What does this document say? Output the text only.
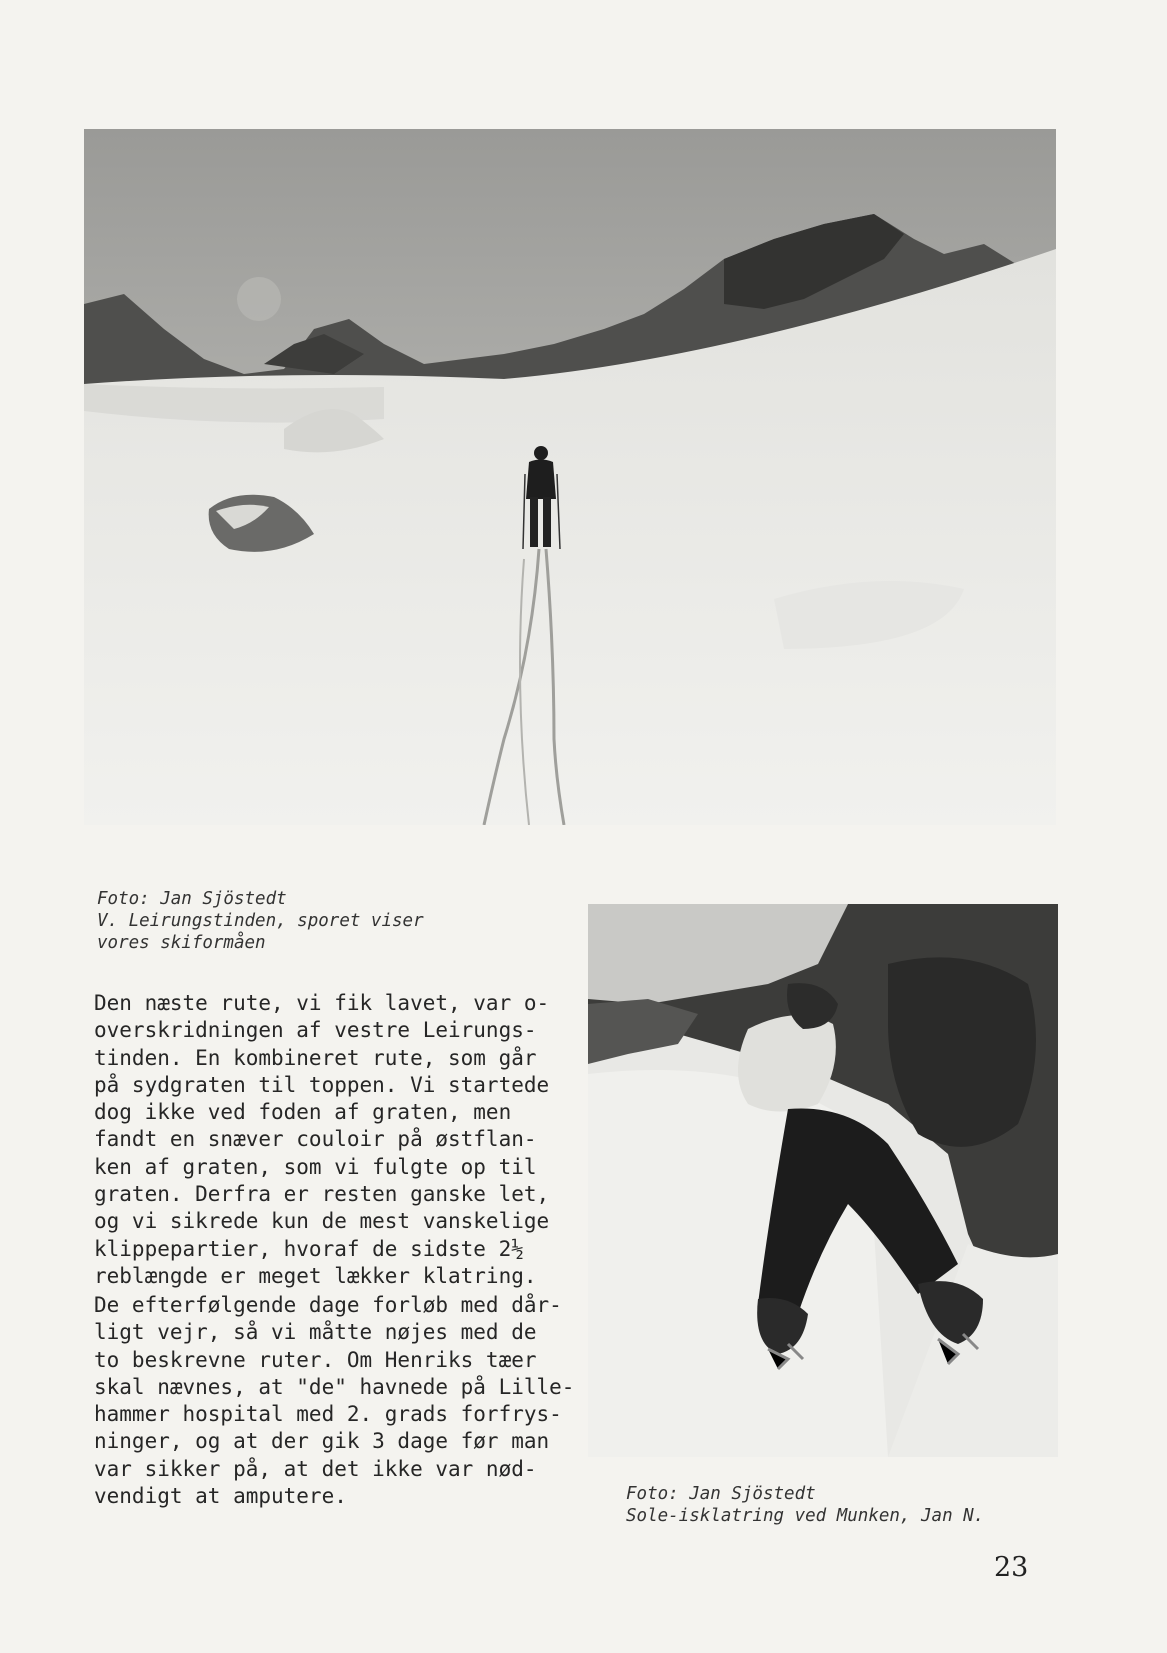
Foto: Jan Sjöstedt
V. Leirungstinden, sporet viser
vores skiformåen
Den næste rute, vi fik lavet, var o-
overskridningen af vestre Leirungs-
tinden. En kombineret rute, som går
på sydgraten til toppen. Vi startede
dog ikke ved foden af graten, men
fandt en snæver couloir på østflan-
ken af graten, som vi fulgte op til
graten. Derfra er resten ganske let,
og vi sikrede kun de mest vanskelige
klippepartier, hvoraf de sidste 2½
reblængde er meget lækker klatring.
De efterfølgende dage forløb med dår-
ligt vejr, så vi måtte nøjes med de
to beskrevne ruter. Om Henriks tæer
skal nævnes, at "de" havnede på Lille-
hammer hospital med 2. grads forfrys-
ninger, og at der gik 3 dage før man
var sikker på, at det ikke var nød-
vendigt at amputere.	Foto: Jan Sjöstedt
Sole-isklatring ved Munken, Jan N.
23
